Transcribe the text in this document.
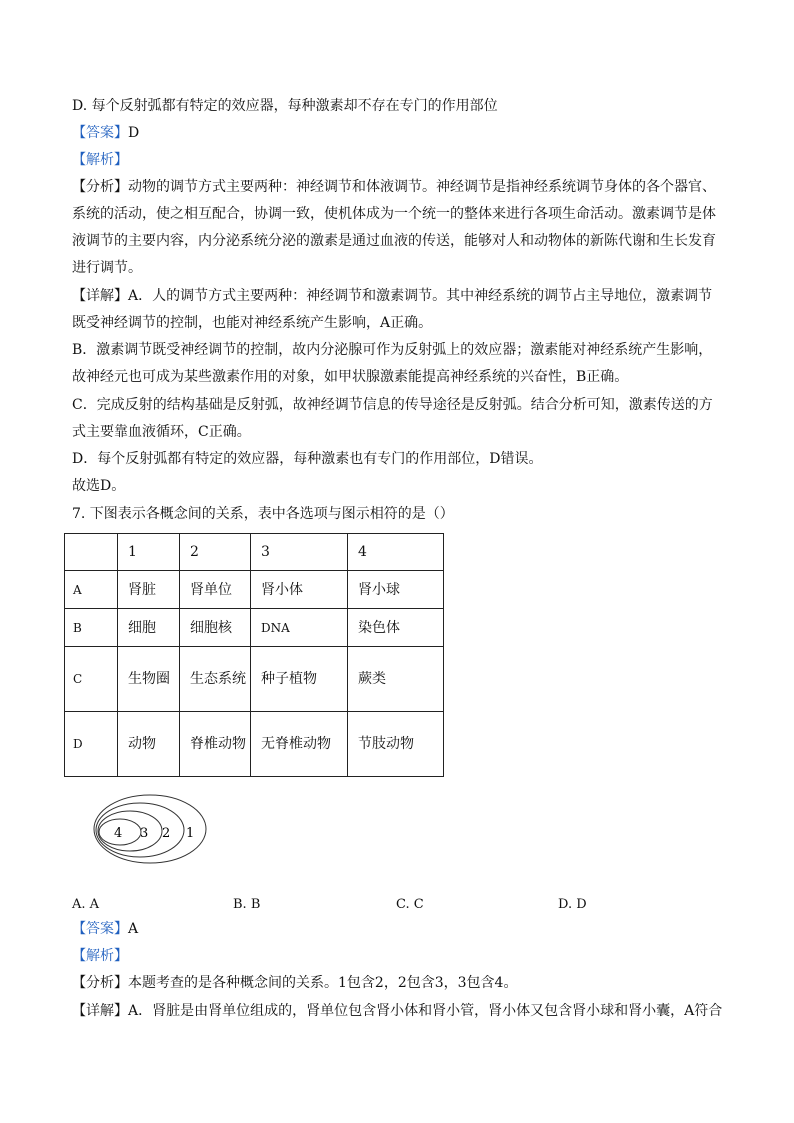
D. 每个反射弧都有特定的效应器，每种激素却不存在专门的作用部位
【答案】D
【解析】
【分析】动物的调节方式主要两种：神经调节和体液调节。神经调节是指神经系统调节身体的各个器官、
系统的活动，使之相互配合，协调一致，使机体成为一个统一的整体来进行各项生命活动。激素调节是体
液调节的主要内容，内分泌系统分泌的激素是通过血液的传送，能够对人和动物体的新陈代谢和生长发育
进行调节。
【详解】A．人的调节方式主要两种：神经调节和激素调节。其中神经系统的调节占主导地位，激素调节
既受神经调节的控制，也能对神经系统产生影响，A正确。
B．激素调节既受神经调节的控制，故内分泌腺可作为反射弧上的效应器；激素能对神经系统产生影响，
故神经元也可成为某些激素作用的对象，如甲状腺激素能提高神经系统的兴奋性，B正确。
C．完成反射的结构基础是反射弧，故神经调节信息的传导途径是反射弧。结合分析可知，激素传送的方
式主要靠血液循环，C正确。
D．每个反射弧都有特定的效应器，每种激素也有专门的作用部位，D错误。
故选D。
7. 下图表示各概念间的关系，表中各选项与图示相符的是（）
	1	2	3	4
A	肾脏	肾单位	肾小体	肾小球
B	细胞	细胞核	DNA	染色体
C	生物圈	生态系统	种子植物	蕨类
D	动物	脊椎动物	无脊椎动物	节肢动物
4 3 2 1
A. A	B. B	C. C	D. D
【答案】A
【解析】
【分析】本题考查的是各种概念间的关系。1包含2，2包含3，3包含4。
【详解】A．肾脏是由肾单位组成的，肾单位包含肾小体和肾小管，肾小体又包含肾小球和肾小囊，A符合
